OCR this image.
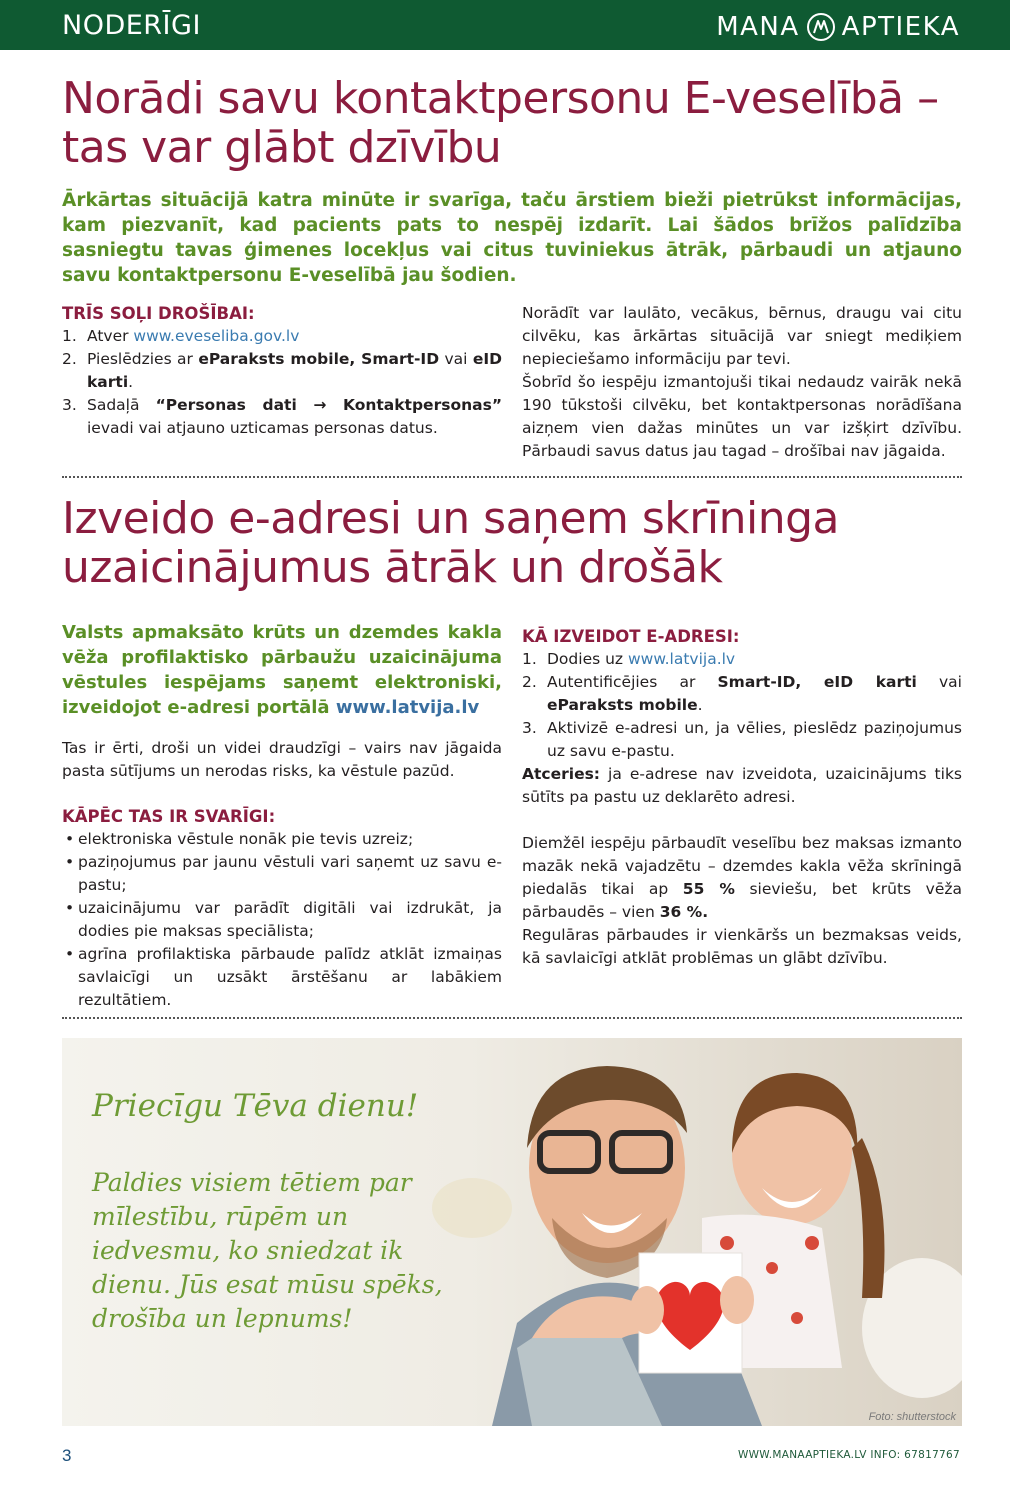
NODERĪGI	MANA APTIEKA
Norādi savu kontaktpersonu E-veselībā – tas var glābt dzīvību

Ārkārtas situācijā katra minūte ir svarīga, taču ārstiem bieži pietrūkst informācijas, kam piezvanīt, kad pacients pats to nespēj izdarīt. Lai šādos brīžos palīdzība sasniegtu tavas ģimenes locekļus vai citus tuviniekus ātrāk, pārbaudi un atjauno savu kontaktpersonu E-veselībā jau šodien.

TRĪS SOĻI DROŠĪBAI:
1. Atver www.eveseliba.gov.lv
2. Pieslēdzies ar eParaksts mobile, Smart-ID vai eID karti.
3. Sadaļā “Personas dati → Kontaktpersonas” ievadi vai atjauno uzticamas personas datus.

Norādīt var laulāto, vecākus, bērnus, draugu vai citu cilvēku, kas ārkārtas situācijā var sniegt mediķiem nepieciešamo informāciju par tevi.

Šobrīd šo iespēju izmantojuši tikai nedaudz vairāk nekā 190 tūkstoši cilvēku, bet kontaktpersonas norādīšana aizņem vien dažas minūtes un var izšķirt dzīvību. Pārbaudi savus datus jau tagad – drošībai nav jāgaida.

Izveido e-adresi un saņem skrīninga uzaicinājumus ātrāk un drošāk

Valsts apmaksāto krūts un dzemdes kakla vēža profilaktisko pārbaužu uzaicinājuma vēstules iespējams saņemt elektroniski, izveidojot e-adresi portālā www.latvija.lv

Tas ir ērti, droši un videi draudzīgi – vairs nav jāgaida pasta sūtījums un nerodas risks, ka vēstule pazūd.

KĀPĒC TAS IR SVARĪGI:
• elektroniska vēstule nonāk pie tevis uzreiz;
• paziņojumus par jaunu vēstuli vari saņemt uz savu e-pastu;
• uzaicinājumu var parādīt digitāli vai izdrukāt, ja dodies pie maksas speciālista;
• agrīna profilaktiska pārbaude palīdz atklāt izmaiņas savlaicīgi un uzsākt ārstēšanu ar labākiem rezultātiem.
KĀ IZVEIDOT E-ADRESI:
1. Dodies uz www.latvija.lv
2. Autentificējies ar Smart-ID, eID karti vai eParaksts mobile.
3. Aktivizē e-adresi un, ja vēlies, pieslēdz paziņojumus uz savu e-pastu.

Atceries: ja e-adrese nav izveidota, uzaicinājums tiks sūtīts pa pastu uz deklarēto adresi.

Diemžēl iespēju pārbaudīt veselību bez maksas izmanto mazāk nekā vajadzētu – dzemdes kakla vēža skrīningā piedalās tikai ap 55 % sieviešu, bet krūts vēža pārbaudēs – vien 36 %.

Regulāras pārbaudes ir vienkāršs un bezmaksas veids, kā savlaicīgi atklāt problēmas un glābt dzīvību.

Priecīgu Tēva dienu!
Paldies visiem tētiem par mīlestību, rūpēm un iedvesmu, ko sniedzat ik dienu. Jūs esat mūsu spēks, drošība un lepnums!
Foto: shutterstock
3	WWW.MANAAPTIEKA.LV INFO: 67817767
